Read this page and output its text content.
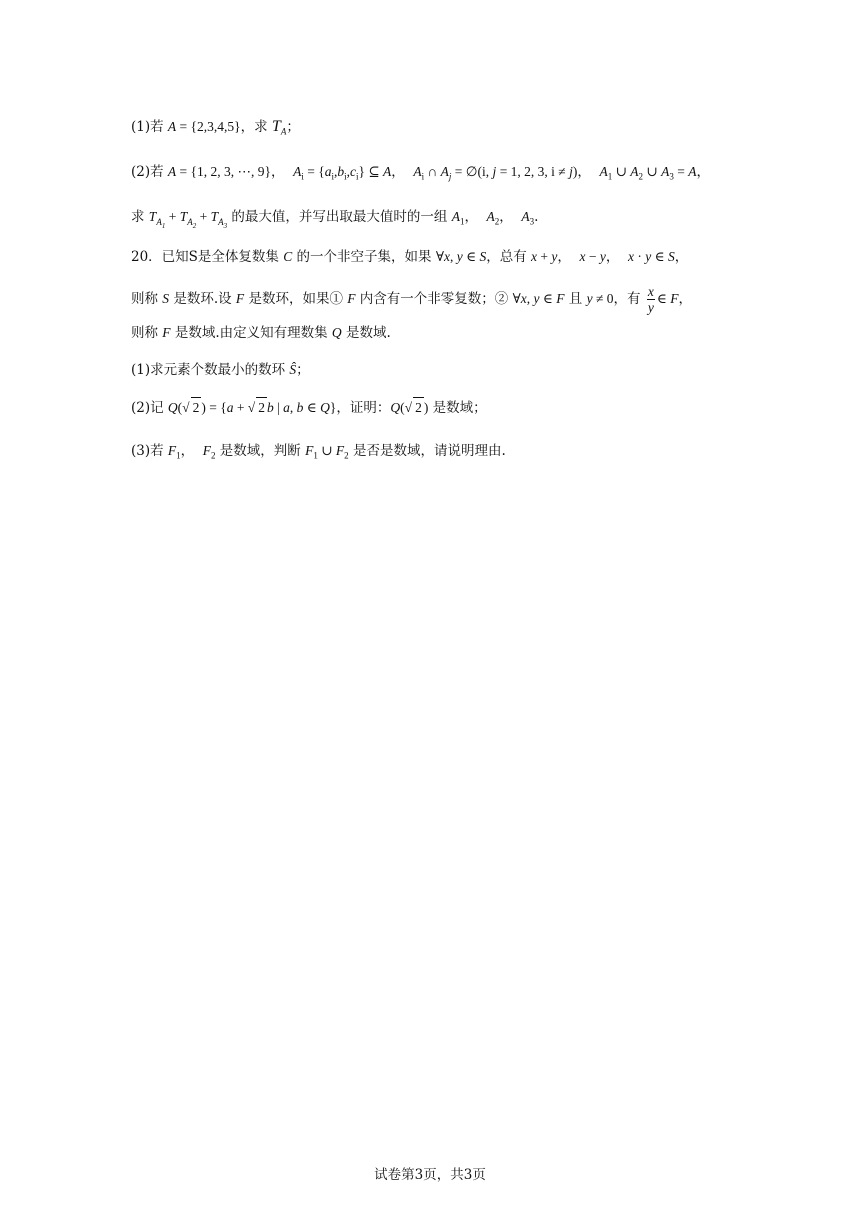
(1)若 A = {2,3,4,5}，求 $T_A$；
(2)若 A = {1, 2, 3, ⋯, 9}，  $A_i = \{a_i,b_i,c_i\}$ ⊆ A，  $A_i$ ∩ $A_j$ = ∅(i, j = 1, 2, 3, i ≠ j)，  $A_1$ ∪ $A_2$ ∪ $A_3 = A$，
求 $T_{A_1} + T_{A_2} + T_{A_3}$ 的最大值，并写出取最大值时的一组 $A_1$，  $A_2$，  $A_3$.
20．已知S是全体复数集 C 的一个非空子集，如果 ∀x, y ∈ S，总有 x + y，  x − y，  x · y ∈ S，
则称 S 是数环.设 F 是数环，如果① F 内含有一个非零复数；② ∀x, y ∈ F 且 y ≠ 0，有 $\frac{x}{y}$ ∈ F，
则称 F 是数域.由定义知有理数集 Q 是数域.
(1)求元素个数最小的数环 Ŝ；
(2)记 Q(√ 2 ) = {a + √ 2 b | a, b ∈ Q}，证明：Q(√ 2 ) 是数域；
(3)若 $F_1$，  $F_2$ 是数域，判断 $F_1$ ∪ $F_2$ 是否是数域，请说明理由.
试卷第3页，共3页
